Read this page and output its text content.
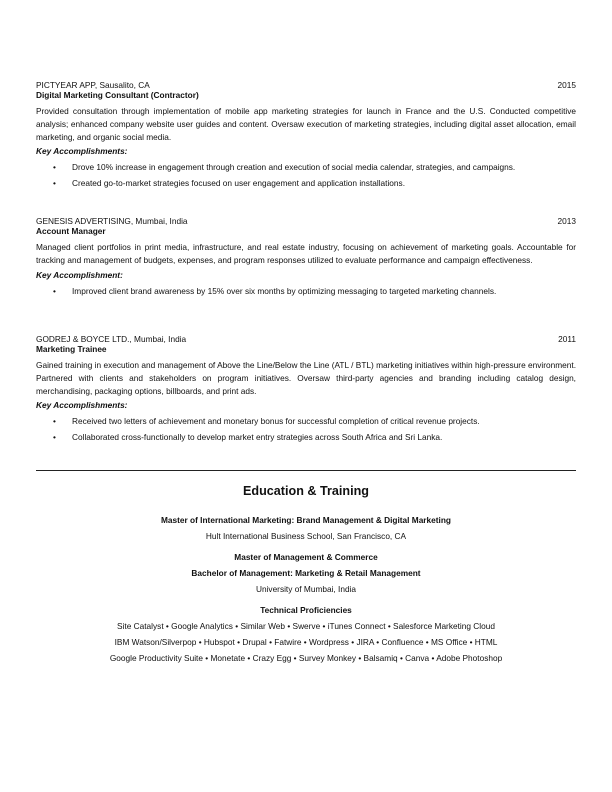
PICTYEAR APP, Sausalito, CA	2015
Digital Marketing Consultant (Contractor)
Provided consultation through implementation of mobile app marketing strategies for launch in France and the U.S. Conducted competitive analysis; enhanced company website user guides and content. Oversaw execution of marketing strategies, including digital asset allocation, email marketing, and organic social media.
Key Accomplishments:
• Drove 10% increase in engagement through creation and execution of social media calendar, strategies, and campaigns.
• Created go-to-market strategies focused on user engagement and application installations.
GENESIS ADVERTISING, Mumbai, India	2013
Account Manager
Managed client portfolios in print media, infrastructure, and real estate industry, focusing on achievement of marketing goals. Accountable for tracking and management of budgets, expenses, and program responses utilized to evaluate performance and campaign effectiveness.
Key Accomplishment:
• Improved client brand awareness by 15% over six months by optimizing messaging to targeted marketing channels.
GODREJ & BOYCE LTD., Mumbai, India	2011
Marketing Trainee
Gained training in execution and management of Above the Line/Below the Line (ATL / BTL) marketing initiatives within high-pressure environment. Partnered with clients and stakeholders on program initiatives. Oversaw third-party agencies and branding including catalog design, merchandising, packaging options, billboards, and print ads.
Key Accomplishments:
• Received two letters of achievement and monetary bonus for successful completion of critical revenue projects.
• Collaborated cross-functionally to develop market entry strategies across South Africa and Sri Lanka.
Education & Training
Master of International Marketing: Brand Management & Digital Marketing
Hult International Business School, San Francisco, CA
Master of Management & Commerce
Bachelor of Management: Marketing & Retail Management
University of Mumbai, India
Technical Proficiencies
Site Catalyst • Google Analytics • Similar Web • Swerve • iTunes Connect • Salesforce Marketing Cloud
IBM Watson/Silverpop • Hubspot • Drupal • Fatwire • Wordpress • JIRA • Confluence • MS Office • HTML
Google Productivity Suite • Monetate • Crazy Egg • Survey Monkey • Balsamiq • Canva • Adobe Photoshop
